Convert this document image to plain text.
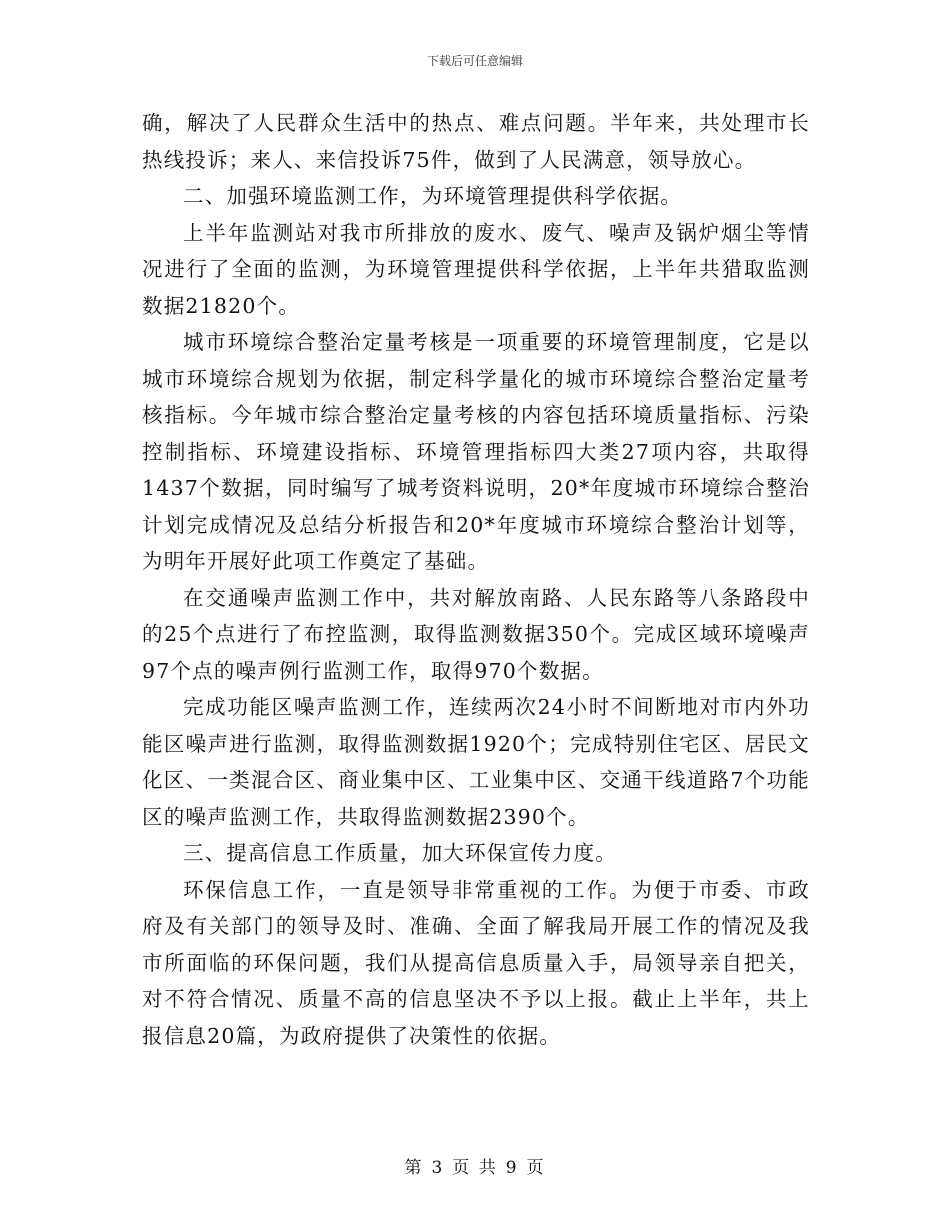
下载后可任意编辑

确，解决了人民群众生活中的热点、难点问题。半年来，共处理市长热线投诉；来人、来信投诉75件，做到了人民满意，领导放心。

二、加强环境监测工作，为环境管理提供科学依据。

上半年监测站对我市所排放的废水、废气、噪声及锅炉烟尘等情况进行了全面的监测，为环境管理提供科学依据，上半年共猎取监测数据21820个。

城市环境综合整治定量考核是一项重要的环境管理制度，它是以城市环境综合规划为依据，制定科学量化的城市环境综合整治定量考核指标。今年城市综合整治定量考核的内容包括环境质量指标、污染控制指标、环境建设指标、环境管理指标四大类27项内容，共取得1437个数据，同时编写了城考资料说明，20*年度城市环境综合整治计划完成情况及总结分析报告和20*年度城市环境综合整治计划等，为明年开展好此项工作奠定了基础。

在交通噪声监测工作中，共对解放南路、人民东路等八条路段中的25个点进行了布控监测，取得监测数据350个。完成区域环境噪声97个点的噪声例行监测工作，取得970个数据。

完成功能区噪声监测工作，连续两次24小时不间断地对市内外功能区噪声进行监测，取得监测数据1920个；完成特别住宅区、居民文化区、一类混合区、商业集中区、工业集中区、交通干线道路7个功能区的噪声监测工作，共取得监测数据2390个。

三、提高信息工作质量，加大环保宣传力度。

环保信息工作，一直是领导非常重视的工作。为便于市委、市政府及有关部门的领导及时、准确、全面了解我局开展工作的情况及我市所面临的环保问题，我们从提高信息质量入手，局领导亲自把关，对不符合情况、质量不高的信息坚决不予以上报。截止上半年，共上报信息20篇，为政府提供了决策性的依据。

第 3 页 共 9 页
